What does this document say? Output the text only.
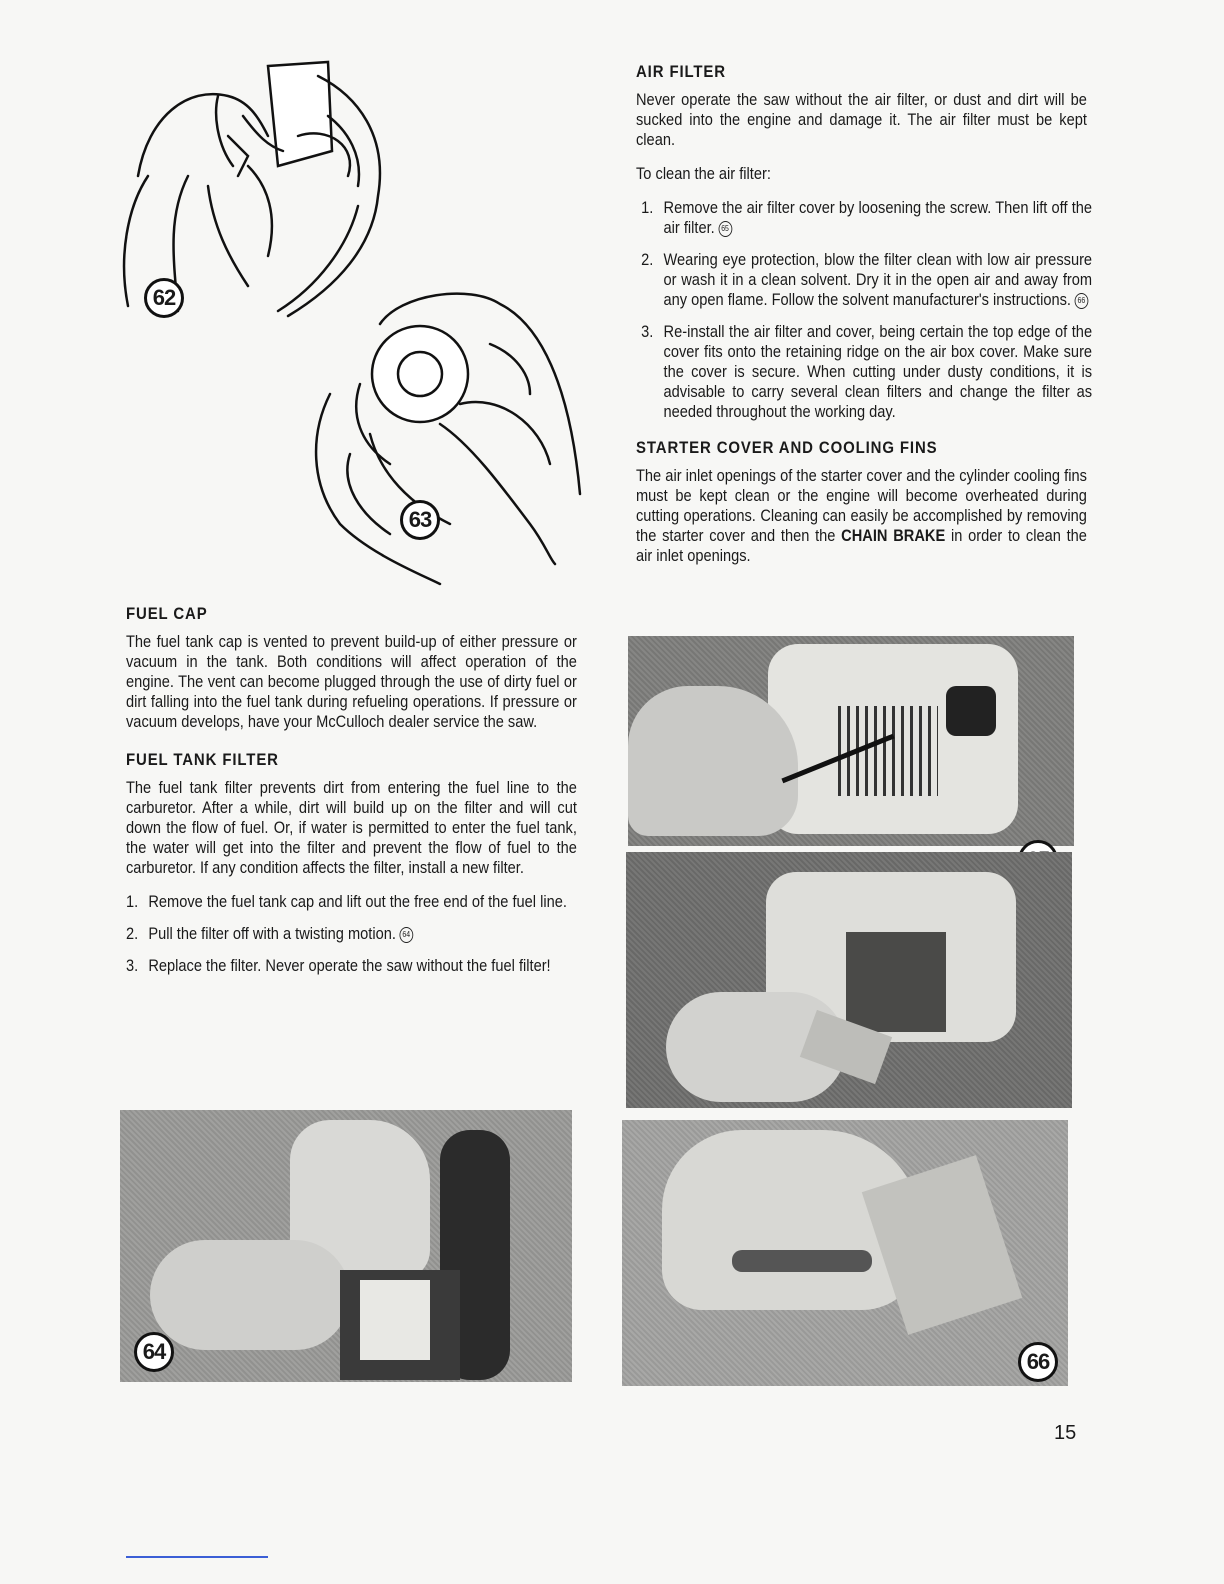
62
63
FUEL CAP

The fuel tank cap is vented to prevent build-up of either pressure or vacuum in the tank. Both conditions will affect operation of the engine. The vent can become plugged through the use of dirty fuel or dirt falling into the fuel tank during refueling operations. If pressure or vacuum develops, have your McCulloch dealer service the saw.

FUEL TANK FILTER

The fuel tank filter prevents dirt from entering the fuel line to the carburetor. After a while, dirt will build up on the filter and will cut down the flow of fuel. Or, if water is permitted to enter the fuel tank, the water will get into the filter and prevent the flow of fuel to the carburetor. If any condition affects the filter, install a new filter.

1. Remove the fuel tank cap and lift out the free end of the fuel line.
2. Pull the filter off with a twisting motion. 64
3. Replace the filter. Never operate the saw without the fuel filter!
64
AIR FILTER

Never operate the saw without the air filter, or dust and dirt will be sucked into the engine and damage it. The air filter must be kept clean.

To clean the air filter:

1. Remove the air filter cover by loosening the screw. Then lift off the air filter. 65
2. Wearing eye protection, blow the filter clean with low air pressure or wash it in a clean solvent. Dry it in the open air and away from any open flame. Follow the solvent manufacturer's instructions. 66
3. Re-install the air filter and cover, being certain the top edge of the cover fits onto the retaining ridge on the air box cover. Make sure the cover is secure. When cutting under dusty conditions, it is advisable to carry several clean filters and change the filter as needed throughout the working day.
STARTER COVER AND COOLING FINS

The air inlet openings of the starter cover and the cylinder cooling fins must be kept clean or the engine will become overheated during cutting operations. Cleaning can easily be accomplished by removing the starter cover and then the CHAIN BRAKE in order to clean the air inlet openings.

66
15
